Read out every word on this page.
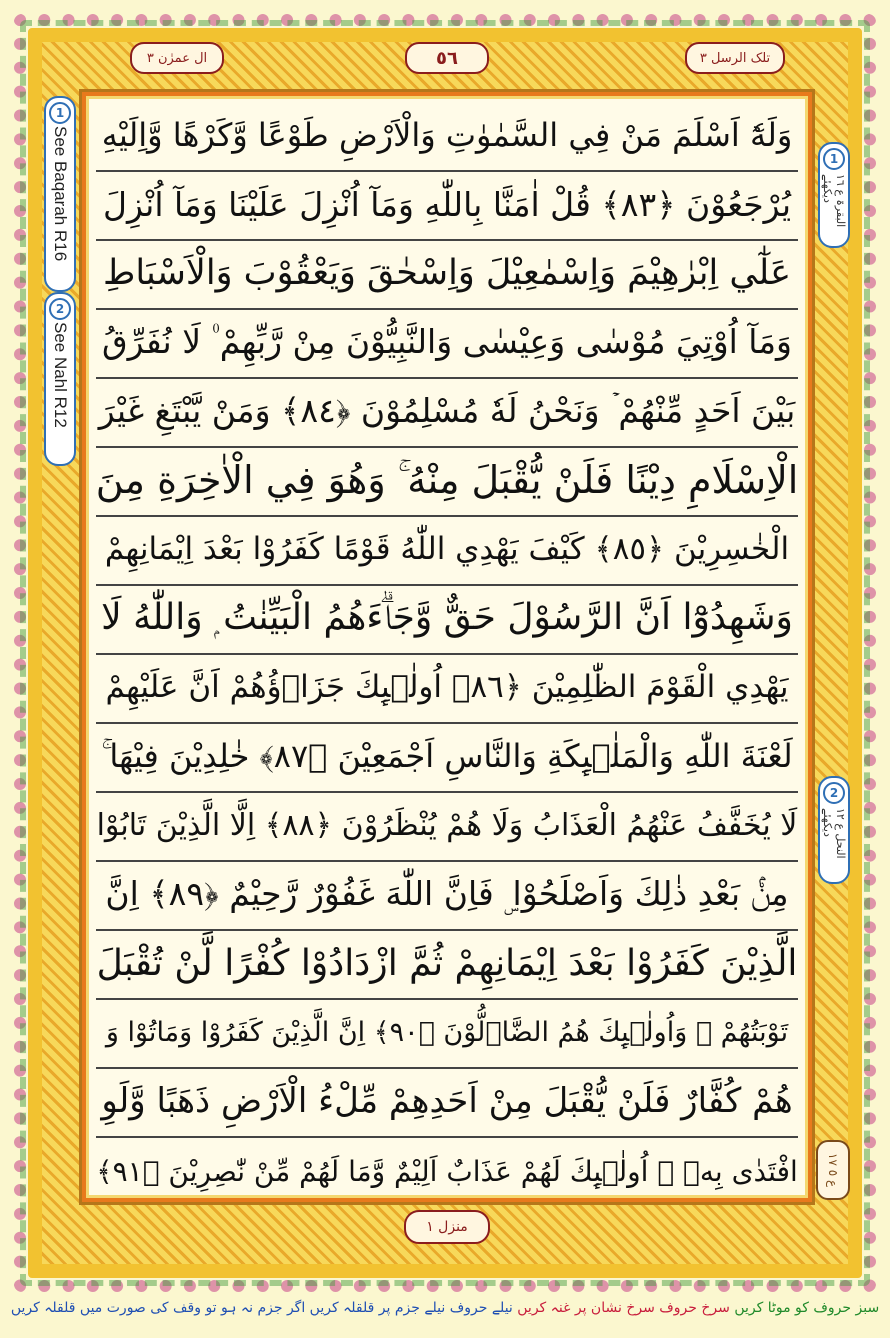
ال عمرٰن ٣	٥٦	تلک الرسل ٣
1
See Baqarah R16
2
See Nahl R12
1
البقرۃ ع ١٦ دیکھئے
2
النحل ع ١٢ دیکھئے
وَلَهٗٓ اَسْلَمَ مَنْ فِي السَّمٰوٰتِ وَالْاَرْضِ طَوْعًا وَّكَرْهًا وَّاِلَيْهِ
يُرْجَعُوْنَ ﴿٨٣﴾ قُلْ اٰمَنَّا بِاللّٰهِ وَمَآ اُنْزِلَ عَلَيْنَا وَمَآ اُنْزِلَ
عَلٰٓي اِبْرٰهِيْمَ وَاِسْمٰعِيْلَ وَاِسْحٰقَ وَيَعْقُوْبَ وَالْاَسْبَاطِ
وَمَآ اُوْتِيَ مُوْسٰى وَعِيْسٰى وَالنَّبِيُّوْنَ مِنْ رَّبِّهِمْ ۠ لَا نُفَرِّقُ
بَيْنَ اَحَدٍ مِّنْهُمْ ۡ وَنَحْنُ لَهٗ مُسْلِمُوْنَ ﴿٨٤﴾ وَمَنْ يَّبْتَغِ غَيْرَ
الْاِسْلَامِ دِيْنًا فَلَنْ يُّقْبَلَ مِنْهُ ۚ وَهُوَ فِي الْاٰخِرَةِ مِنَ
الْخٰسِرِيْنَ ﴿٨٥﴾ كَيْفَ يَهْدِي اللّٰهُ قَوْمًا كَفَرُوْا بَعْدَ اِيْمَانِهِمْ
وَشَهِدُوْٓا اَنَّ الرَّسُوْلَ حَقٌّ وَّجَاۗءَهُمُ الْبَيِّنٰتُ ۭ وَاللّٰهُ لَا
يَهْدِي الْقَوْمَ الظّٰلِمِيْنَ ﴿٨٦﴾ اُولٰۗىِٕكَ جَزَاۗؤُهُمْ اَنَّ عَلَيْهِمْ
لَعْنَةَ اللّٰهِ وَالْمَلٰۗىِٕكَةِ وَالنَّاسِ اَجْمَعِيْنَ ﴿٨٧﴾ خٰلِدِيْنَ فِيْهَا ۚ
لَا يُخَفَّفُ عَنْهُمُ الْعَذَابُ وَلَا هُمْ يُنْظَرُوْنَ ﴿٨٨﴾ اِلَّا الَّذِيْنَ تَابُوْا
مِنْۢ بَعْدِ ذٰلِكَ وَاَصْلَحُوْا ۣ فَاِنَّ اللّٰهَ غَفُوْرٌ رَّحِيْمٌ ﴿٨٩﴾ اِنَّ
الَّذِيْنَ كَفَرُوْا بَعْدَ اِيْمَانِهِمْ ثُمَّ ازْدَادُوْا كُفْرًا لَّنْ تُقْبَلَ
تَوْبَتُھُمْ ۚ وَاُولٰۗىِٕكَ ھُمُ الضَّاۗلُّوْنَ ﴿٩٠﴾ اِنَّ الَّذِيْنَ كَفَرُوْا وَمَاتُوْا وَ
ھُمْ كُفَّارٌ فَلَنْ يُّقْبَلَ مِنْ اَحَدِهِمْ مِّلْءُ الْاَرْضِ ذَهَبًا وَّلَوِ
افْتَدٰى بِهٖ ۭ اُولٰۗىِٕكَ لَھُمْ عَذَابٌ اَلِيْمٌ وَّمَا لَھُمْ مِّنْ نّٰصِرِيْنَ ﴿٩١﴾	ع ٥ ١٧
منزل ١
سبز حروف کو موٹا کریں

سرخ حروف سرخ نشان پر غنہ کریں

نیلے حروف نیلے جزم پر قلقلہ کریں اگر جزم نہ ہو تو وقف کی صورت میں قلقلہ کریں
